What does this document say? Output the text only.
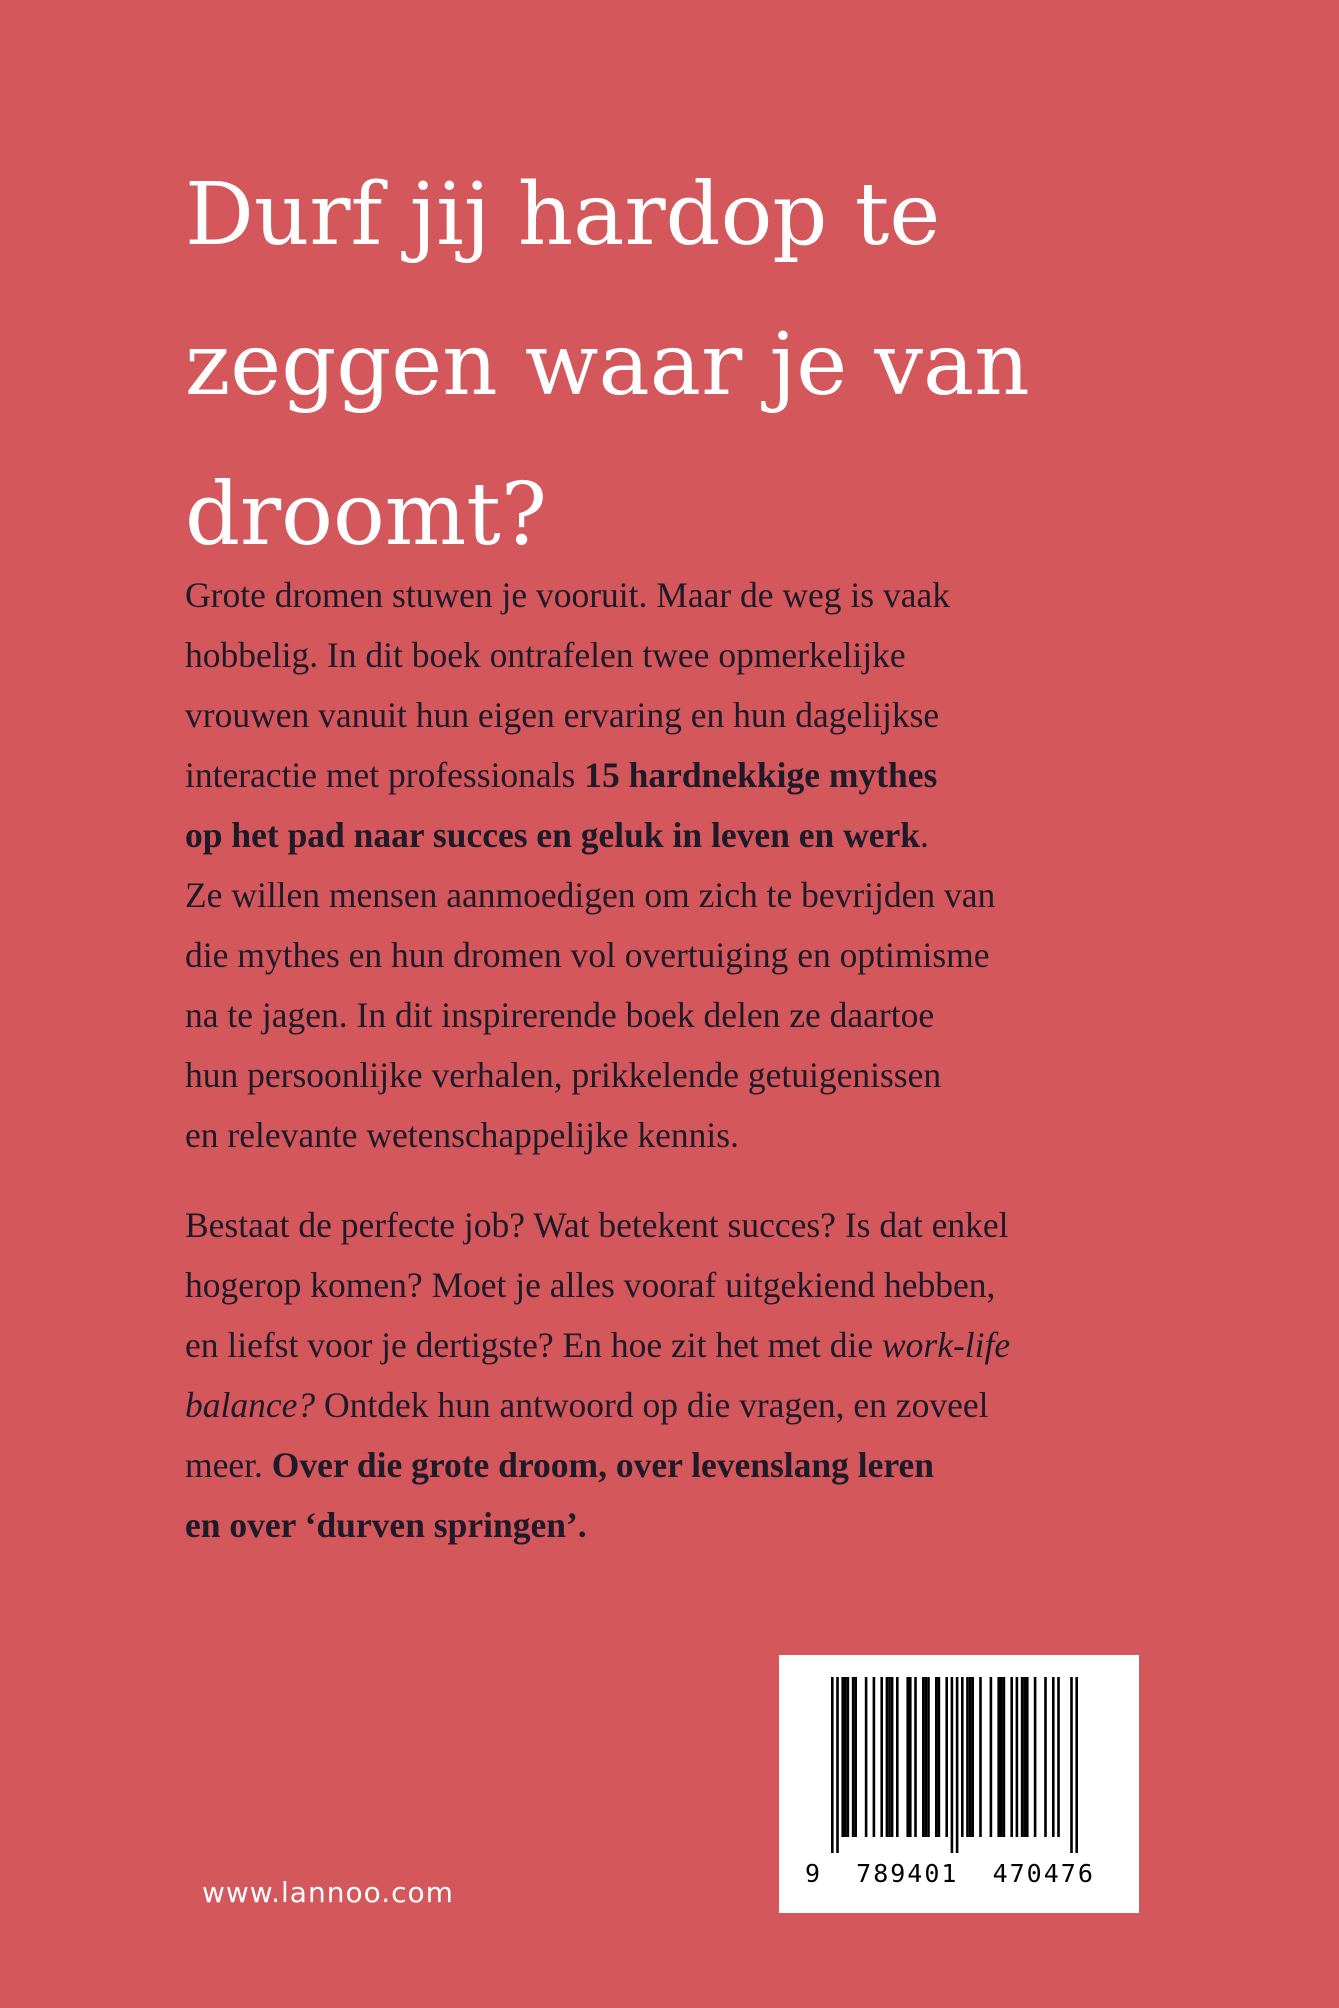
Durf jij hardop te
zeggen waar je van
droomt?

Grote dromen stuwen je vooruit. Maar de weg is vaak
hobbelig. In dit boek ontrafelen twee opmerkelijke
vrouwen vanuit hun eigen ervaring en hun dagelijkse
interactie met professionals 15 hardnekkige mythes
op het pad naar succes en geluk in leven en werk.
Ze willen mensen aanmoedigen om zich te bevrijden van
die mythes en hun dromen vol overtuiging en optimisme
na te jagen. In dit inspirerende boek delen ze daartoe
hun persoonlijke verhalen, prikkelende getuigenissen
en relevante wetenschappelijke kennis.

Bestaat de perfecte job? Wat betekent succes? Is dat enkel
hogerop komen? Moet je alles vooraf uitgekiend hebben,
en liefst voor je dertigste? En hoe zit het met die work-life
balance? Ontdek hun antwoord op die vragen, en zoveel
meer. Over die grote droom, over levenslang leren
en over ‘durven springen’.

www.lannoo.com
9  789401  470476
